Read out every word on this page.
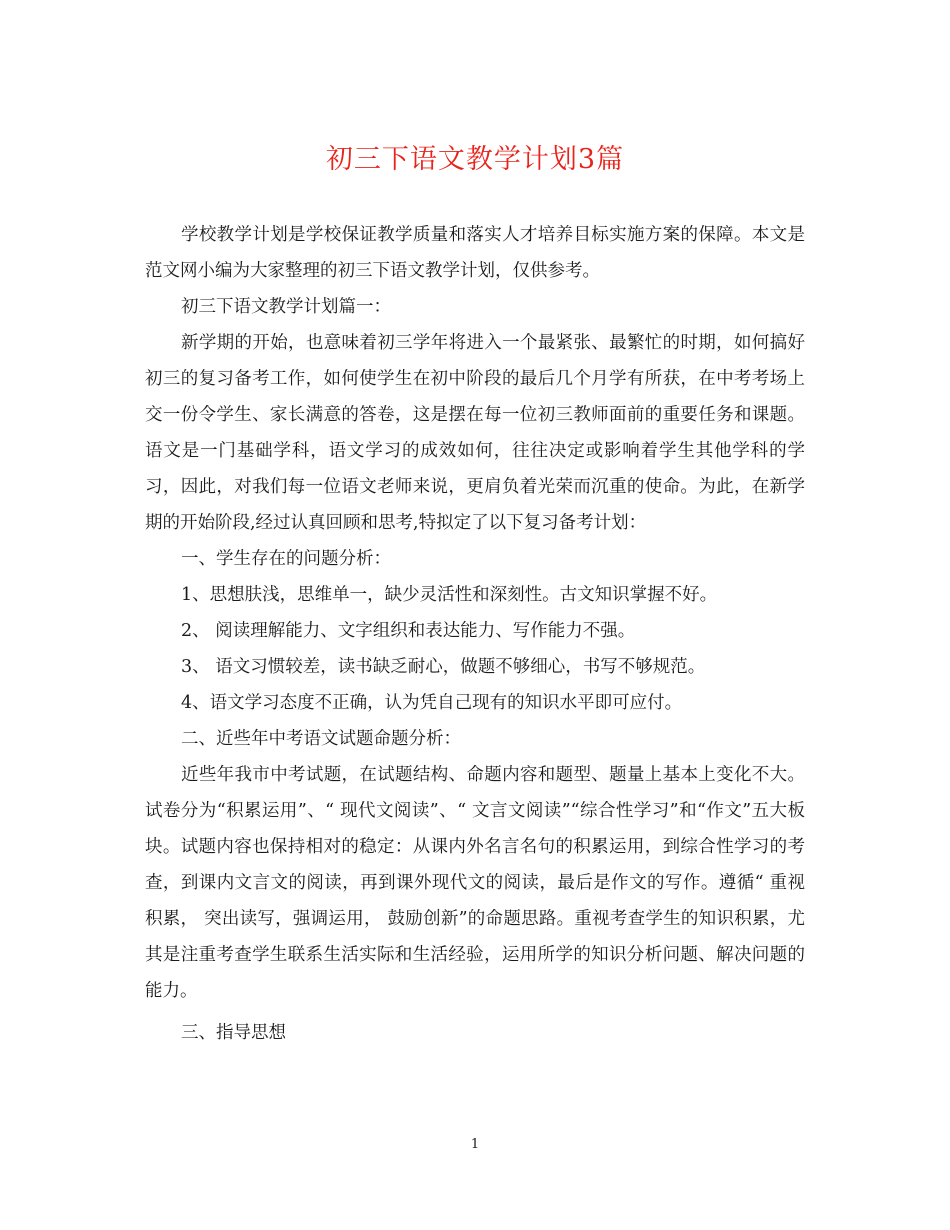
初三下语文教学计划3篇

学校教学计划是学校保证教学质量和落实人才培养目标实施方案的保障。本文是范文网小编为大家整理的初三下语文教学计划，仅供参考。

初三下语文教学计划篇一：

新学期的开始，也意味着初三学年将进入一个最紧张、最繁忙的时期，如何搞好初三的复习备考工作，如何使学生在初中阶段的最后几个月学有所获，在中考考场上交一份令学生、家长满意的答卷，这是摆在每一位初三教师面前的重要任务和课题。语文是一门基础学科，语文学习的成效如何，往往决定或影响着学生其他学科的学习，因此，对我们每一位语文老师来说，更肩负着光荣而沉重的使命。为此，在新学期的开始阶段,经过认真回顾和思考,特拟定了以下复习备考计划：

一、学生存在的问题分析：

1、思想肤浅，思维单一，缺少灵活性和深刻性。古文知识掌握不好。

2、 阅读理解能力、文字组织和表达能力、写作能力不强。

3、 语文习惯较差，读书缺乏耐心，做题不够细心，书写不够规范。

4、语文学习态度不正确，认为凭自己现有的知识水平即可应付。

二、近些年中考语文试题命题分析：

近些年我市中考试题，在试题结构、命题内容和题型、题量上基本上变化不大。试卷分为“积累运用”、“ 现代文阅读”、“ 文言文阅读”“综合性学习”和“作文”五大板块。试题内容也保持相对的稳定：从课内外名言名句的积累运用，到综合性学习的考查，到课内文言文的阅读，再到课外现代文的阅读，最后是作文的写作。遵循“ 重视积累， 突出读写，强调运用， 鼓励创新”的命题思路。重视考查学生的知识积累，尤其是注重考查学生联系生活实际和生活经验，运用所学的知识分析问题、解决问题的能力。

三、指导思想

1
